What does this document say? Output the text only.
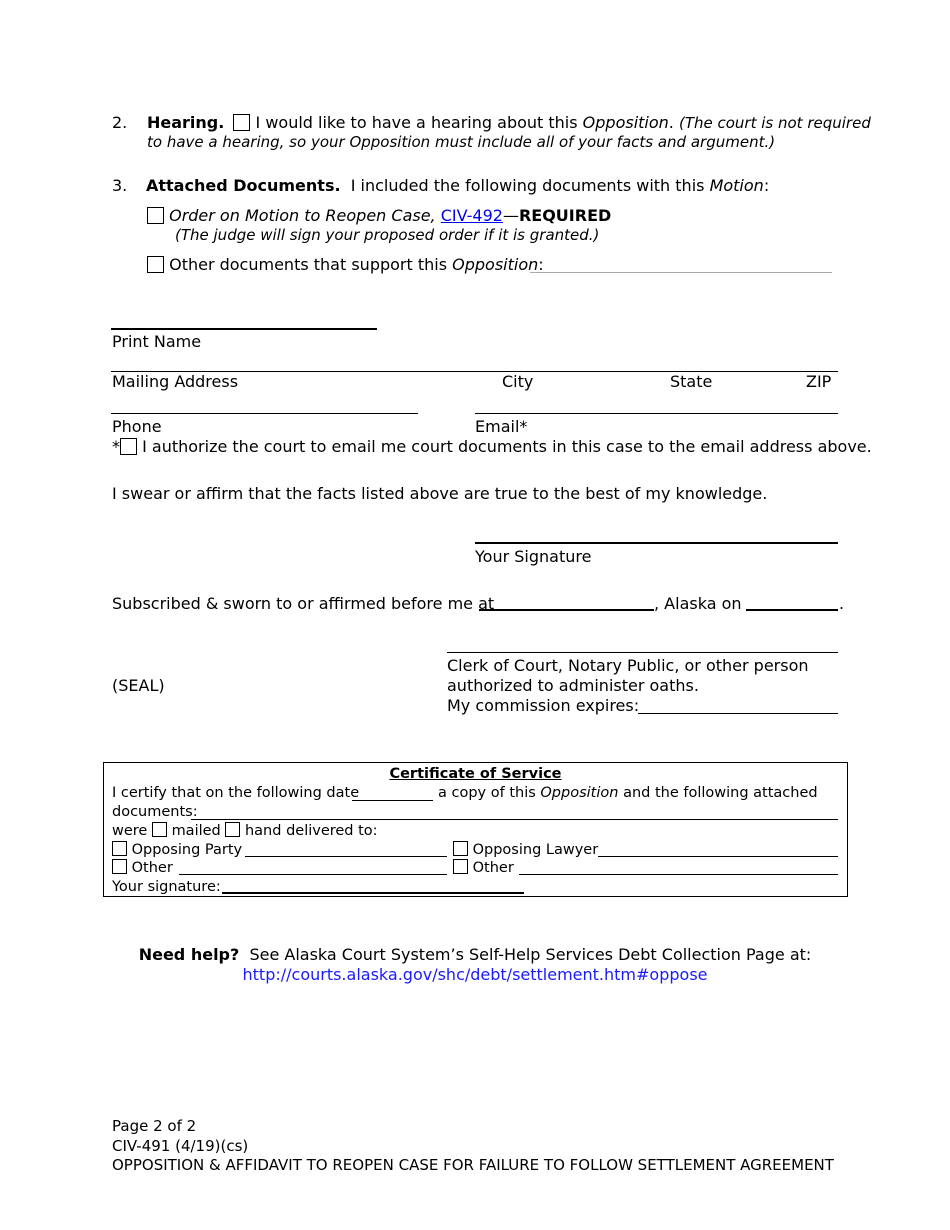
2. Hearing. I would like to have a hearing about this Opposition. (The court is not required
to have a hearing, so your Opposition must include all of your facts and argument.)
3. Attached Documents. I included the following documents with this Motion:
Order on Motion to Reopen Case, CIV-492—REQUIRED
(The judge will sign your proposed order if it is granted.)
Other documents that support this Opposition:
Print Name
Mailing Address	City	State	ZIP
Phone	Email*
* I authorize the court to email me court documents in this case to the email address above.
I swear or affirm that the facts listed above are true to the best of my knowledge.
Your Signature
Subscribed & sworn to or affirmed before me at	, Alaska on	.
Clerk of Court, Notary Public, or other person
(SEAL)	authorized to administer oaths.
My commission expires:
Certificate of Service
I certify that on the following date	a copy of this Opposition and the following attached
documents:
were mailed hand delivered to:
Opposing Party	Opposing Lawyer
Other	Other
Your signature:
Need help? See Alaska Court System’s Self-Help Services Debt Collection Page at:
http://courts.alaska.gov/shc/debt/settlement.htm#oppose
Page 2 of 2
CIV-491 (4/19)(cs)
OPPOSITION & AFFIDAVIT TO REOPEN CASE FOR FAILURE TO FOLLOW SETTLEMENT AGREEMENT
